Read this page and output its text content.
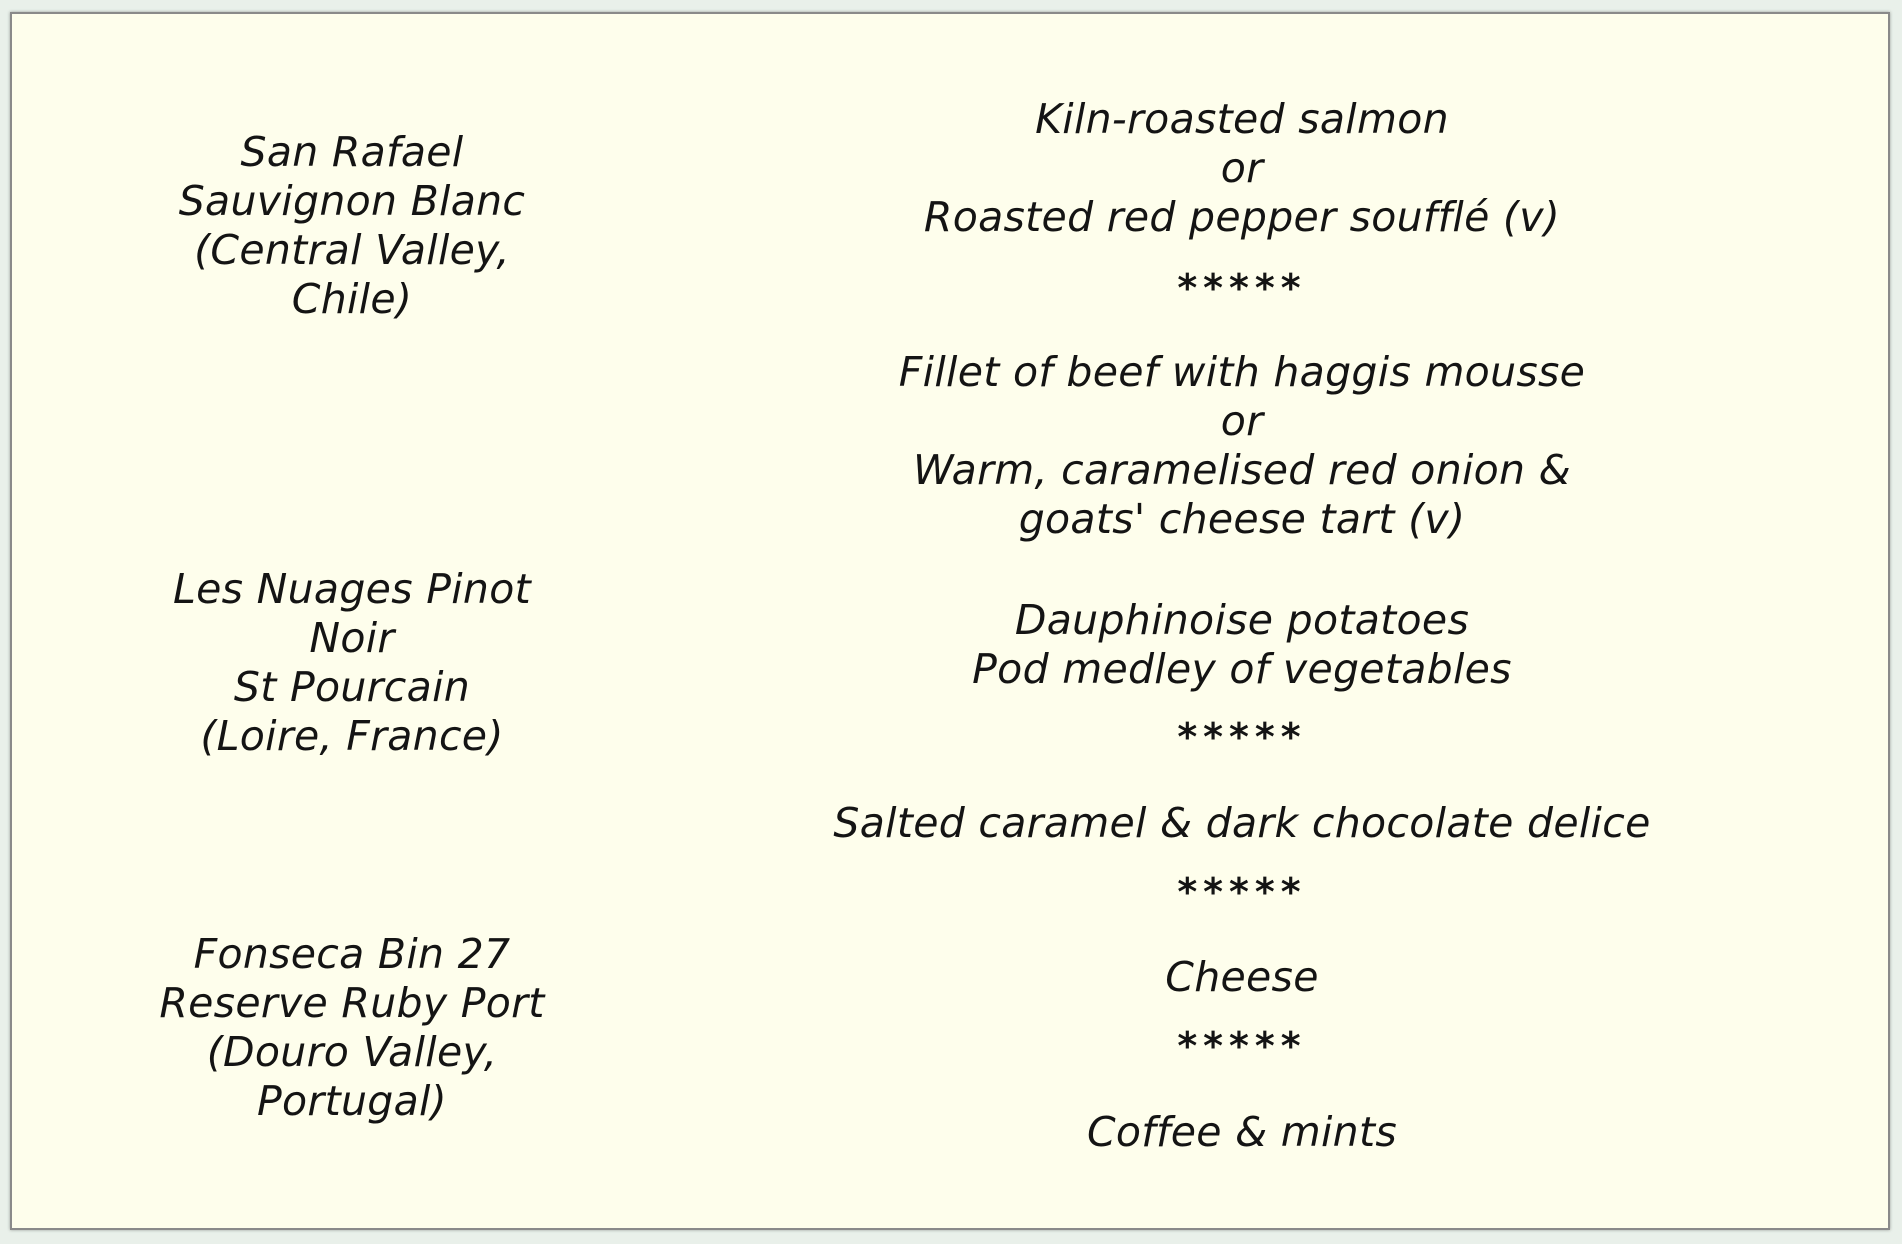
San Rafael
Sauvignon Blanc
(Central Valley,
Chile)
Les Nuages Pinot
Noir
St Pourcain
(Loire, France)
Fonseca Bin 27
Reserve Ruby Port
(Douro Valley,
Portugal)
Kiln-roasted salmon
or
Roasted red pepper soufflé (v)
*****
Fillet of beef with haggis mousse
or
Warm, caramelised red onion &
goats' cheese tart (v)
Dauphinoise potatoes
Pod medley of vegetables
*****
Salted caramel & dark chocolate delice
*****
Cheese
*****
Coffee & mints
